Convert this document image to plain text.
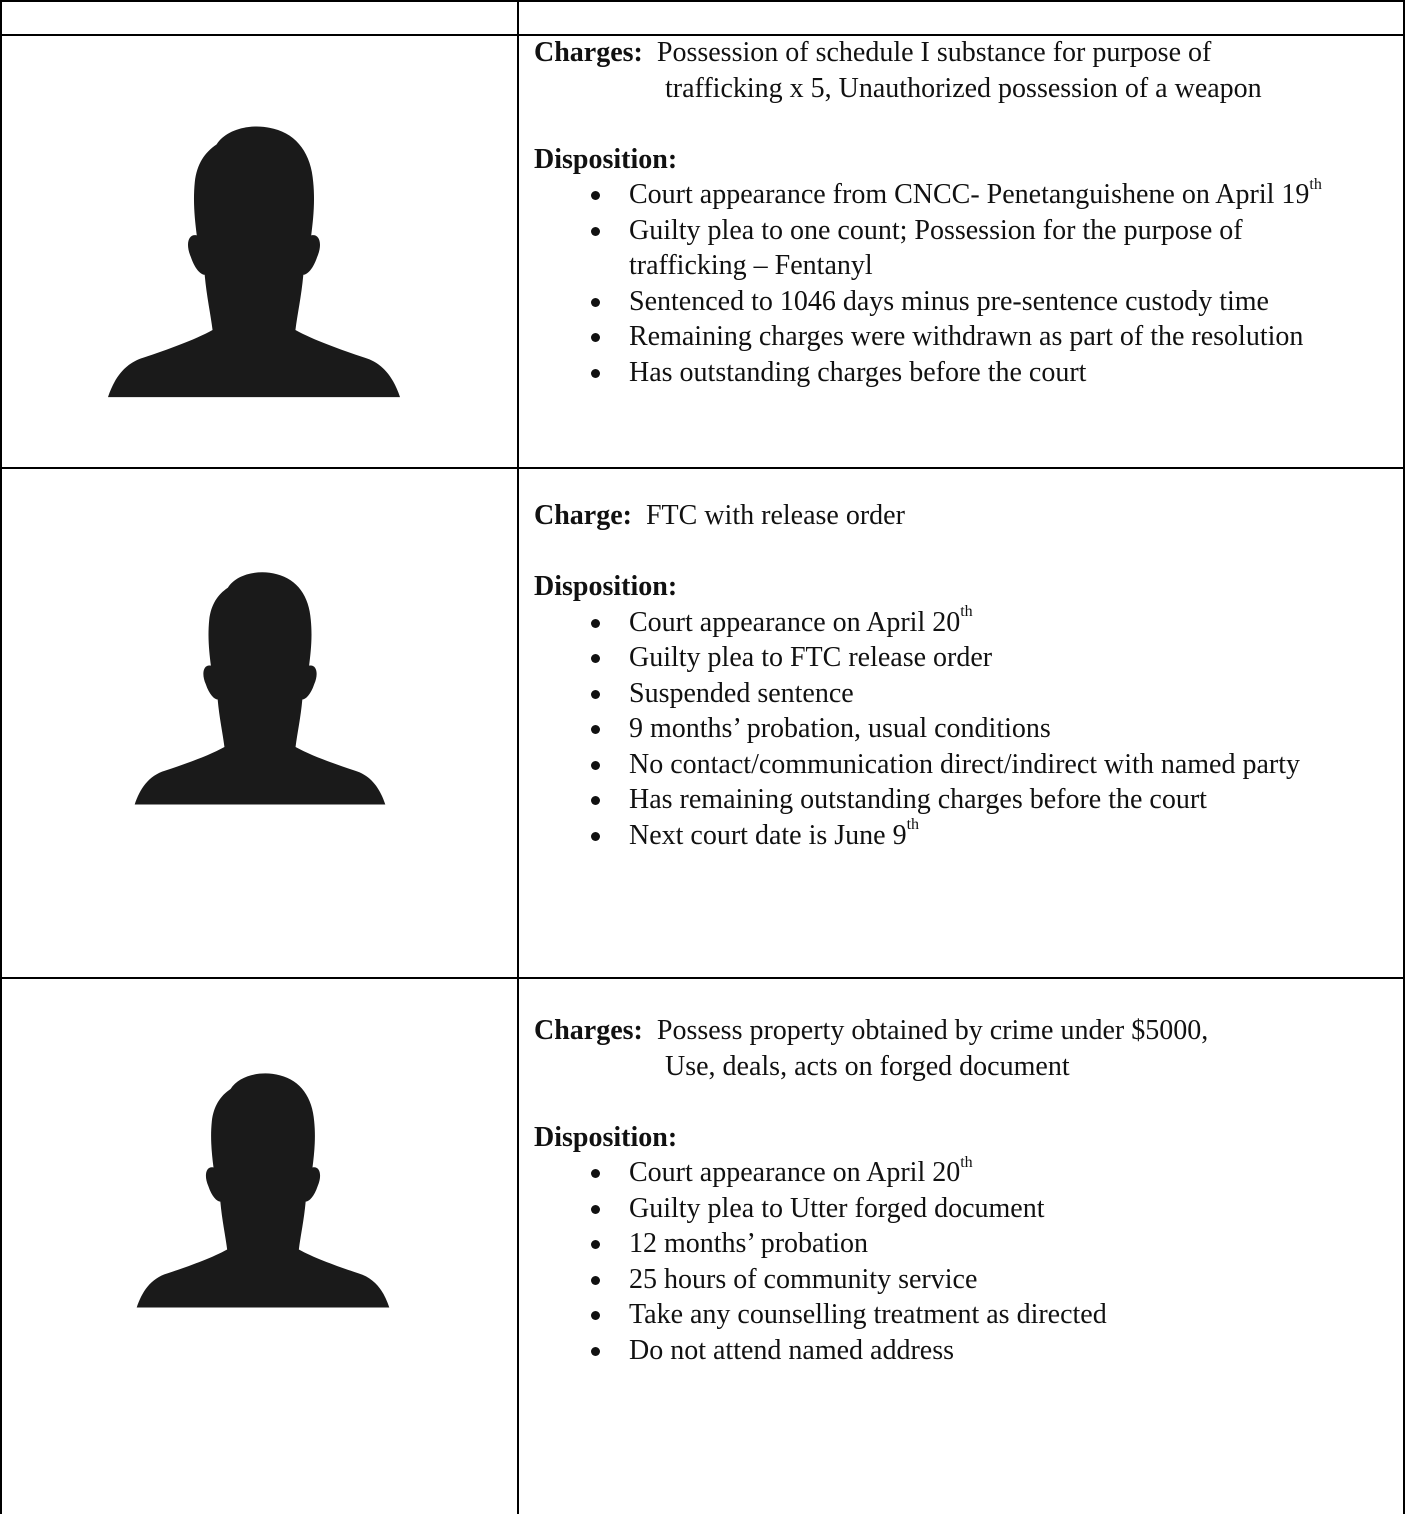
Charges: Possession of schedule I substance for purpose of
trafficking x 5, Unauthorized possession of a weapon
Disposition:
Court appearance from CNCC- Penetanguishene on April 19th
Guilty plea to one count; Possession for the purpose of
trafficking – Fentanyl
Sentenced to 1046 days minus pre-sentence custody time
Remaining charges were withdrawn as part of the resolution
Has outstanding charges before the court
Charge: FTC with release order
Disposition:
Court appearance on April 20th
Guilty plea to FTC release order
Suspended sentence
9 months’ probation, usual conditions
No contact/communication direct/indirect with named party
Has remaining outstanding charges before the court
Next court date is June 9th
Charges: Possess property obtained by crime under $5000,
Use, deals, acts on forged document
Disposition:
Court appearance on April 20th
Guilty plea to Utter forged document
12 months’ probation
25 hours of community service
Take any counselling treatment as directed
Do not attend named address
